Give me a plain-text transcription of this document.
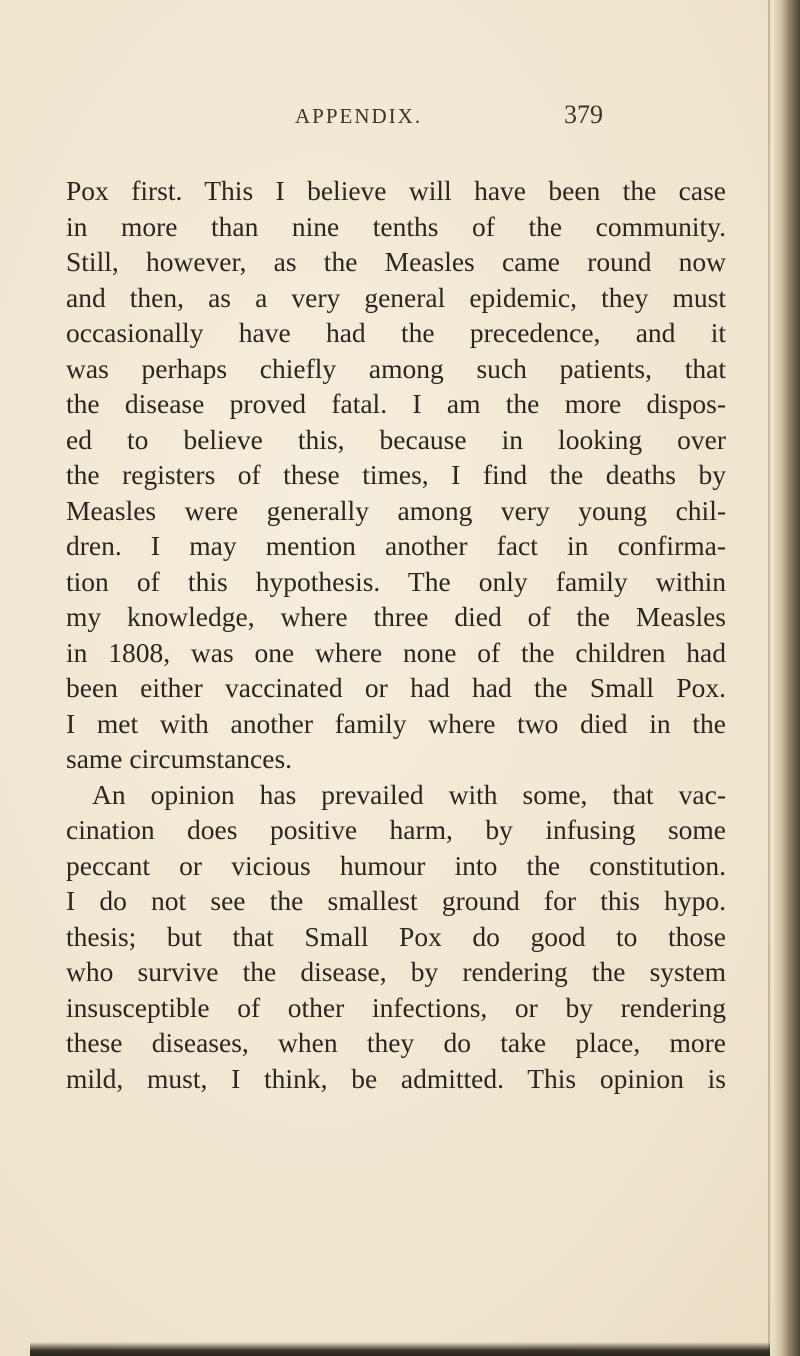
APPENDIX.	379
Pox first. This I believe will have been the case
in more than nine tenths of the community.
Still, however, as the Measles came round now
and then, as a very general epidemic, they must
occasionally have had the precedence, and it
was perhaps chiefly among such patients, that
the disease proved fatal. I am the more dispos-
ed to believe this, because in looking over
the registers of these times, I find the deaths by
Measles were generally among very young chil-
dren. I may mention another fact in confirma-
tion of this hypothesis. The only family within
my knowledge, where three died of the Measles
in 1808, was one where none of the children had
been either vaccinated or had had the Small Pox.
I met with another family where two died in the
same circumstances.
An opinion has prevailed with some, that vac-
cination does positive harm, by infusing some
peccant or vicious humour into the constitution.
I do not see the smallest ground for this hypo.
thesis; but that Small Pox do good to those
who survive the disease, by rendering the system
insusceptible of other infections, or by rendering
these diseases, when they do take place, more
mild, must, I think, be admitted. This opinion is
